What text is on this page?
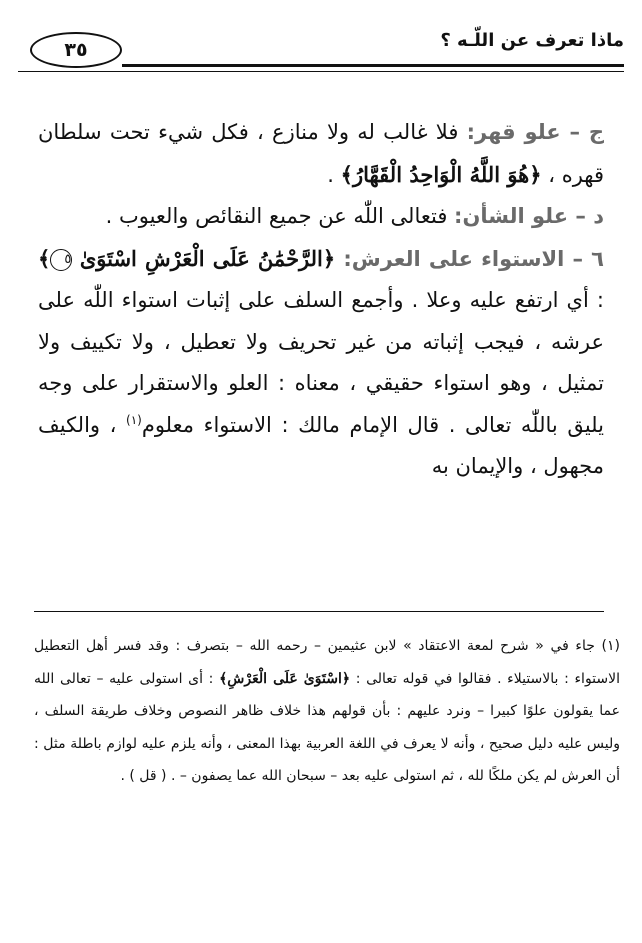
ماذا تعرف عن اللّـه ؟
٣٥

ج – علو قهر: فلا غالب له ولا منازع ، فكل شيء تحت سلطان قهره ، ﴿هُوَ اللَّهُ الْوَاحِدُ الْقَهَّارُ﴾ .

د – علو الشأن: فتعالى اللّٰه عن جميع النقائص والعيوب .

٦ – الاستواء على العرش: ﴿الرَّحْمَٰنُ عَلَى الْعَرْشِ اسْتَوَىٰ ٥﴾ : أي ارتفع عليه وعلا . وأجمع السلف على إثبات استواء اللّٰه على عرشه ، فيجب إثباته من غير تحريف ولا تعطيل ، ولا تكييف ولا تمثيل ، وهو استواء حقيقي ، معناه : العلو والاستقرار على وجه يليق باللّٰه تعالى . قال الإمام مالك : الاستواء معلوم$^{(١)}$ ، والكيف مجهول ، والإيمان به

(١) جاء في « شرح لمعة الاعتقاد » لابن عثيمين – رحمه الله – بتصرف : وقد فسر أهل التعطيل الاستواء : بالاستيلاء . فقالوا في قوله تعالى : ﴿اسْتَوَىٰ عَلَى الْعَرْشِ﴾ : أى استولى عليه – تعالى الله عما يقولون علوًا كبيرا – ونرد عليهم : بأن قولهم هذا خلاف ظاهر النصوص وخلاف طريقة السلف ، وليس عليه دليل صحيح ، وأنه لا يعرف في اللغة العربية بهذا المعنى ، وأنه يلزم عليه لوازم باطلة مثل : أن العرش لم يكن ملكًا لله ، ثم استولى عليه بعد – سبحان الله عما يصفون – . ( قل ) .
